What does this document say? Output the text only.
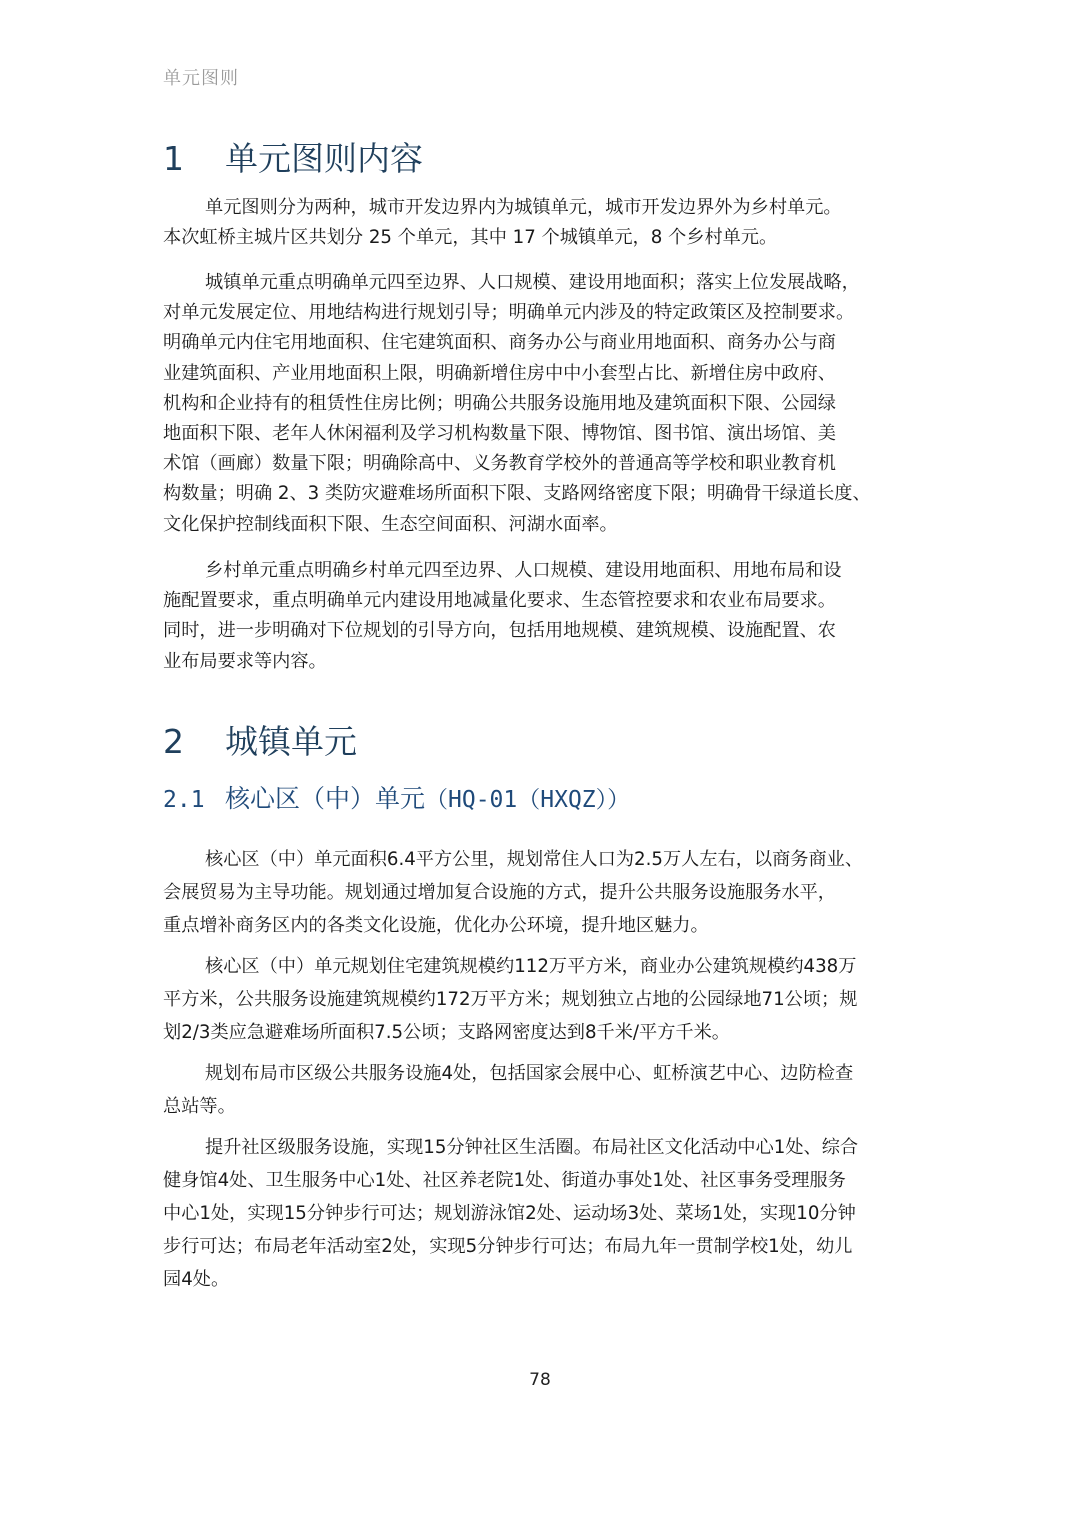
单元图则
1 单元图则内容
单元图则分为两种，城市开发边界内为城镇单元，城市开发边界外为乡村单元。
本次虹桥主城片区共划分 25 个单元，其中 17 个城镇单元，8 个乡村单元。
城镇单元重点明确单元四至边界、人口规模、建设用地面积；落实上位发展战略，
对单元发展定位、用地结构进行规划引导；明确单元内涉及的特定政策区及控制要求。
明确单元内住宅用地面积、住宅建筑面积、商务办公与商业用地面积、商务办公与商
业建筑面积、产业用地面积上限，明确新增住房中中小套型占比、新增住房中政府、
机构和企业持有的租赁性住房比例；明确公共服务设施用地及建筑面积下限、公园绿
地面积下限、老年人休闲福利及学习机构数量下限、博物馆、图书馆、演出场馆、美
术馆（画廊）数量下限；明确除高中、义务教育学校外的普通高等学校和职业教育机
构数量；明确 2、3 类防灾避难场所面积下限、支路网络密度下限；明确骨干绿道长度、
文化保护控制线面积下限、生态空间面积、河湖水面率。
乡村单元重点明确乡村单元四至边界、人口规模、建设用地面积、用地布局和设
施配置要求，重点明确单元内建设用地减量化要求、生态管控要求和农业布局要求。
同时，进一步明确对下位规划的引导方向，包括用地规模、建筑规模、设施配置、农
业布局要求等内容。
2 城镇单元
2.1 核心区（中）单元（HQ-01（HXQZ））
核心区（中）单元面积6.4平方公里，规划常住人口为2.5万人左右，以商务商业、
会展贸易为主导功能。规划通过增加复合设施的方式，提升公共服务设施服务水平，
重点增补商务区内的各类文化设施，优化办公环境，提升地区魅力。
核心区（中）单元规划住宅建筑规模约112万平方米，商业办公建筑规模约438万
平方米，公共服务设施建筑规模约172万平方米；规划独立占地的公园绿地71公顷；规
划2/3类应急避难场所面积7.5公顷；支路网密度达到8千米/平方千米。
规划布局市区级公共服务设施4处，包括国家会展中心、虹桥演艺中心、边防检查
总站等。
提升社区级服务设施，实现15分钟社区生活圈。布局社区文化活动中心1处、综合
健身馆4处、卫生服务中心1处、社区养老院1处、街道办事处1处、社区事务受理服务
中心1处，实现15分钟步行可达；规划游泳馆2处、运动场3处、菜场1处，实现10分钟
步行可达；布局老年活动室2处，实现5分钟步行可达；布局九年一贯制学校1处，幼儿
园4处。
78
